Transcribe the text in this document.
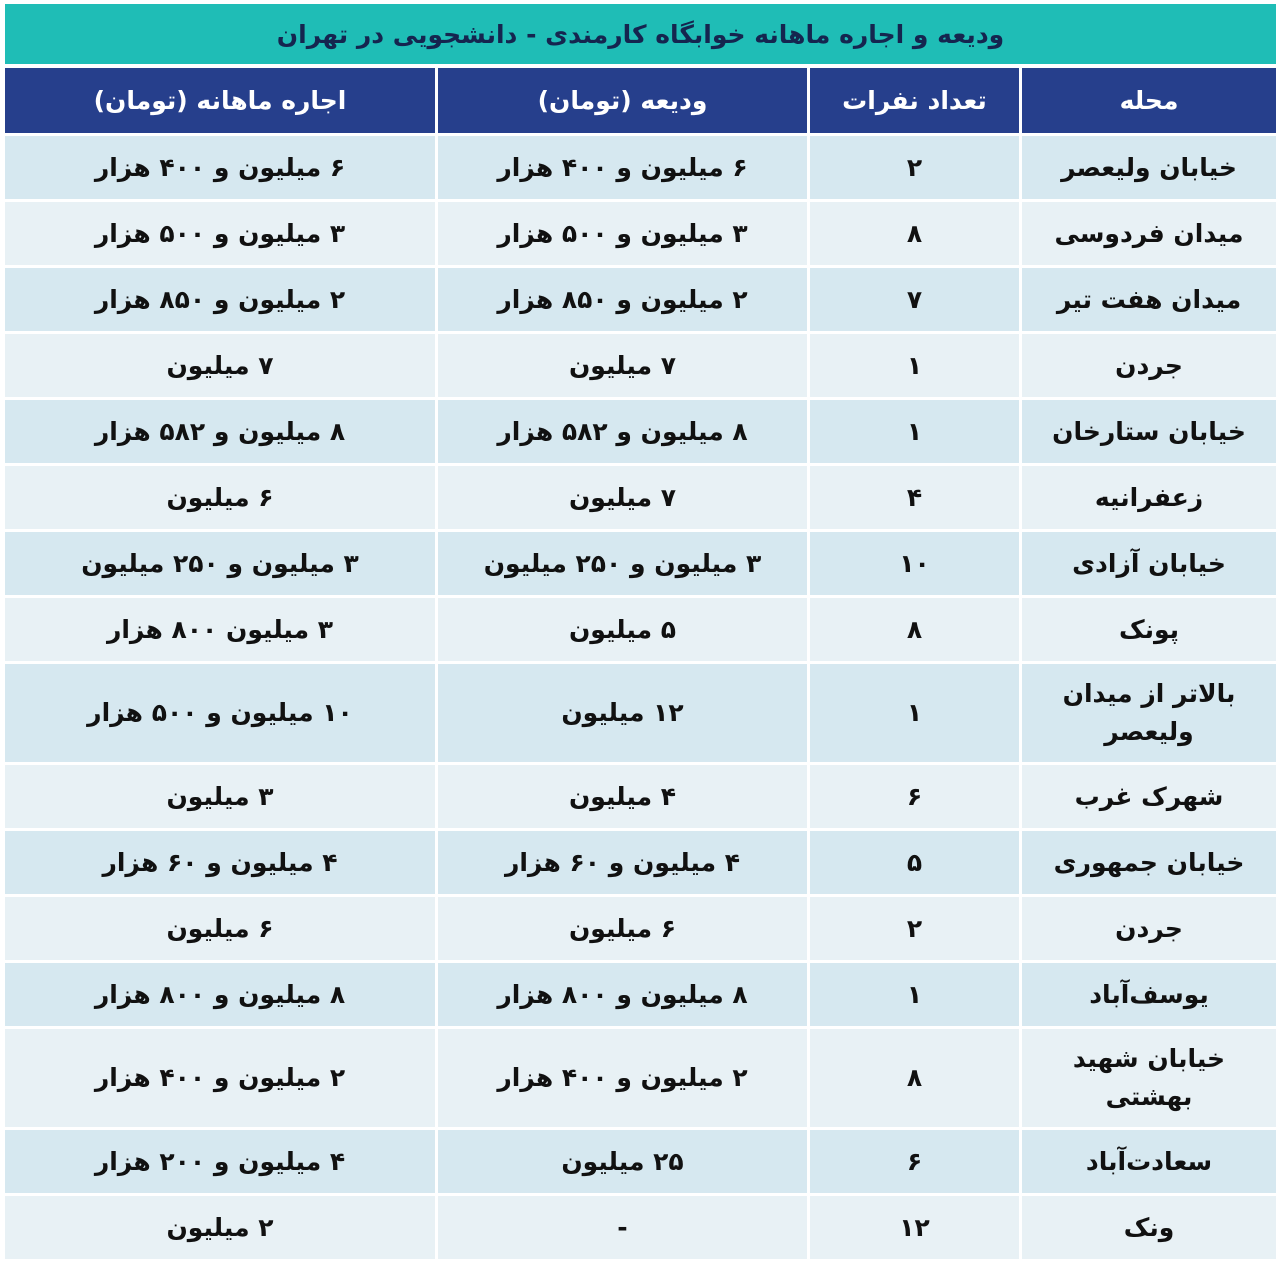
ودیعه و اجاره ماهانه خوابگاه کارمندی - دانشجویی در تهران
محله	تعداد نفرات	ودیعه (تومان)	اجاره ماهانه (تومان)
خیابان ولیعصر	۲	۶ میلیون و ۴۰۰ هزار	۶ میلیون و ۴۰۰ هزار
میدان فردوسی	۸	۳ میلیون و ۵۰۰ هزار	۳ میلیون و ۵۰۰ هزار
میدان هفت تیر	۷	۲ میلیون و ۸۵۰ هزار	۲ میلیون و ۸۵۰ هزار
جردن	۱	۷ میلیون	۷ میلیون
خیابان ستارخان	۱	۸ میلیون و ۵۸۲ هزار	۸ میلیون و ۵۸۲ هزار
زعفرانیه	۴	۷ میلیون	۶ میلیون
خیابان آزادی	۱۰	۳ میلیون و ۲۵۰ میلیون	۳ میلیون و ۲۵۰ میلیون
پونک	۸	۵ میلیون	۳ میلیون ۸۰۰ هزار
بالاتر از میدان ولیعصر	۱	۱۲ میلیون	۱۰ میلیون و ۵۰۰ هزار
شهرک غرب	۶	۴ میلیون	۳ میلیون
خیابان جمهوری	۵	۴ میلیون و ۶۰ هزار	۴ میلیون و ۶۰ هزار
جردن	۲	۶ میلیون	۶ میلیون
یوسف‌آباد	۱	۸ میلیون و ۸۰۰ هزار	۸ میلیون و ۸۰۰ هزار
خیابان شهید بهشتی	۸	۲ میلیون و ۴۰۰ هزار	۲ میلیون و ۴۰۰ هزار
سعادت‌آباد	۶	۲۵ میلیون	۴ میلیون و ۲۰۰ هزار
ونک	۱۲	-	۲ میلیون
